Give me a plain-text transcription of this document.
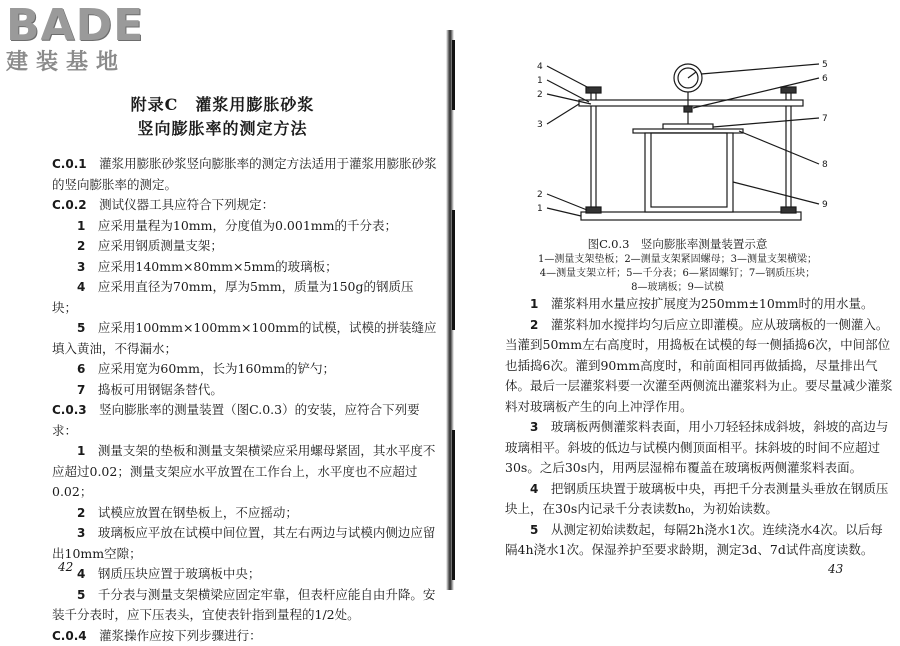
BADE
建装基地
附录C　灌浆用膨胀砂浆
竖向膨胀率的测定方法

C.0.1　 灌浆用膨胀砂浆竖向膨胀率的测定方法适用于灌浆用膨胀砂浆的竖向膨胀率的测定。

C.0.2　 测试仪器工具应符合下列规定：

1　 应采用量程为10mm，分度值为0.001mm的千分表；

2　 应采用钢质测量支架；

3　 应采用140mm×80mm×5mm的玻璃板；

4　 应采用直径为70mm，厚为5mm，质量为150g的钢质压块；

5　 应采用100mm×100mm×100mm的试模，试模的拼装缝应填入黄油，不得漏水；

6　 应采用宽为60mm，长为160mm的铲勺；

7　 捣板可用钢锯条替代。

C.0.3　 竖向膨胀率的测量装置（图C.0.3）的安装，应符合下列要求：

1　 测量支架的垫板和测量支架横梁应采用螺母紧固，其水平度不应超过0.02；测量支架应水平放置在工作台上，水平度也不应超过0.02；

2　 试模应放置在钢垫板上，不应摇动；

3　 玻璃板应平放在试模中间位置，其左右两边与试模内侧边应留出10mm空隙；

4　 钢质压块应置于玻璃板中央；

5　 千分表与测量支架横梁应固定牢靠，但表杆应能自由升降。安装千分表时，应下压表头，宜使表针指到量程的1/2处。

C.0.4　 灌浆操作应按下列步骤进行：

42
4
1
2
3
2
1
5
6
7
8
9
图C.0.3　竖向膨胀率测量装置示意
1—测量支架垫板；2—测量支架紧固螺母；3—测量支架横梁；
4—测量支架立杆；5—千分表；6—紧固螺钉；7—钢质压块；
8—玻璃板；9—试模

1　 灌浆料用水量应按扩展度为250mm±10mm时的用水量。

2　 灌浆料加水搅拌均匀后应立即灌模。应从玻璃板的一侧灌入。当灌到50mm左右高度时，用捣板在试模的每一侧插捣6次，中间部位也插捣6次。灌到90mm高度时，和前面相同再做插捣，尽量排出气体。最后一层灌浆料要一次灌至两侧流出灌浆料为止。要尽量减少灌浆料对玻璃板产生的向上冲浮作用。

3　 玻璃板两侧灌浆料表面，用小刀轻轻抹成斜坡，斜坡的高边与玻璃相平。斜坡的低边与试模内侧顶面相平。抹斜坡的时间不应超过30s。之后30s内，用两层湿棉布覆盖在玻璃板两侧灌浆料表面。

4　 把钢质压块置于玻璃板中央，再把千分表测量头垂放在钢质压块上，在30s内记录千分表读数h₀，为初始读数。

5　 从测定初始读数起，每隔2h浇水1次。连续浇水4次。以后每隔4h浇水1次。保湿养护至要求龄期，测定3d、7d试件高度读数。

43
